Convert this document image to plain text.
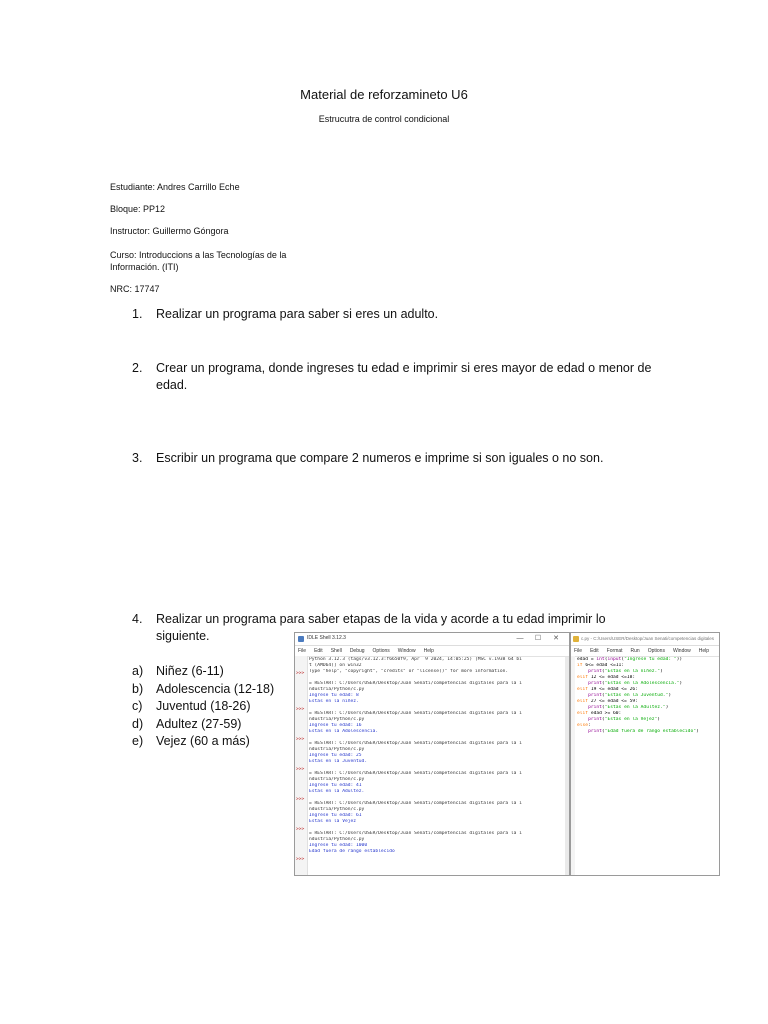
Material de reforzamineto U6
Estrucutra de control condicional
Estudiante: Andres Carrillo Eche
Bloque: PP12
Instructor: Guillermo Góngora
Curso: Introduccions a las Tecnologías de la Información. (ITI)
NRC: 17747
1. Realizar un programa para saber si eres un adulto.
2. Crear un programa, donde ingreses tu edad e imprimir si eres mayor de edad o menor de edad.
3. Escribir un programa que compare 2 numeros e imprime si son iguales o no son.
4. Realizar un programa para saber etapas de la vida y acorde a tu edad imprimir lo siguiente.
a) Niñez (6-11)
b) Adolescencia (12-18)
c) Juventud (18-26)
d) Adultez (27-59)
e) Vejez (60 a más)
IDLE Shell 3.12.3	— ☐ ✕
File Edit Shell Debug Options Window Help
>>>
>>>
>>>
>>>
>>>
>>>
>>>
Python 3.12.3 (tags/v3.12.3:f6650f9, Apr  9 2024, 14:05:25) [MSC v.1938 64 bi
t (AMD64)] on win32
Type "help", "copyright", "credits" or "license()" for more information.

= RESTART: C:/Users/USER/Desktop/Juan Senati/competencias digitales para la i
ndustria/Python/c.py
Ingrese tu edad: 8
Estas en la niñez.

= RESTART: C:/Users/USER/Desktop/Juan Senati/competencias digitales para la i
ndustria/Python/c.py
Ingrese tu edad: 16
Estas en la Adolescencia.

= RESTART: C:/Users/USER/Desktop/Juan Senati/competencias digitales para la i
ndustria/Python/c.py
Ingrese tu edad: 25
Estas en la Juventud.

= RESTART: C:/Users/USER/Desktop/Juan Senati/competencias digitales para la i
ndustria/Python/c.py
Ingrese tu edad: 41
Estas en la Adultez.

= RESTART: C:/Users/USER/Desktop/Juan Senati/competencias digitales para la i
ndustria/Python/c.py
Ingrese tu edad: 61
Estas en la Vejez

= RESTART: C:/Users/USER/Desktop/Juan Senati/competencias digitales para la i
ndustria/Python/c.py
Ingrese tu edad: 1000
Edad fuera de rango establecido

c.py - C:/Users/USER/Desktop/Juan Senati/competencias digitales
File Edit Format Run Options Window Help
edad = int(input("Ingrese tu edad: "))
if 6<= edad <=11:
print("Estas en la niñez.")
elif 12 <= edad <=18:
print("Estas en la Adolescencia.")
elif 19 <= edad <= 26:
print("Estas en la Juventud.")
elif 27 <= edad <= 59:
print("Estas en la Adultez.")
elif edad >= 60:
print("Estas en la Vejez")
else:
print("Edad fuera de rango establecido")
